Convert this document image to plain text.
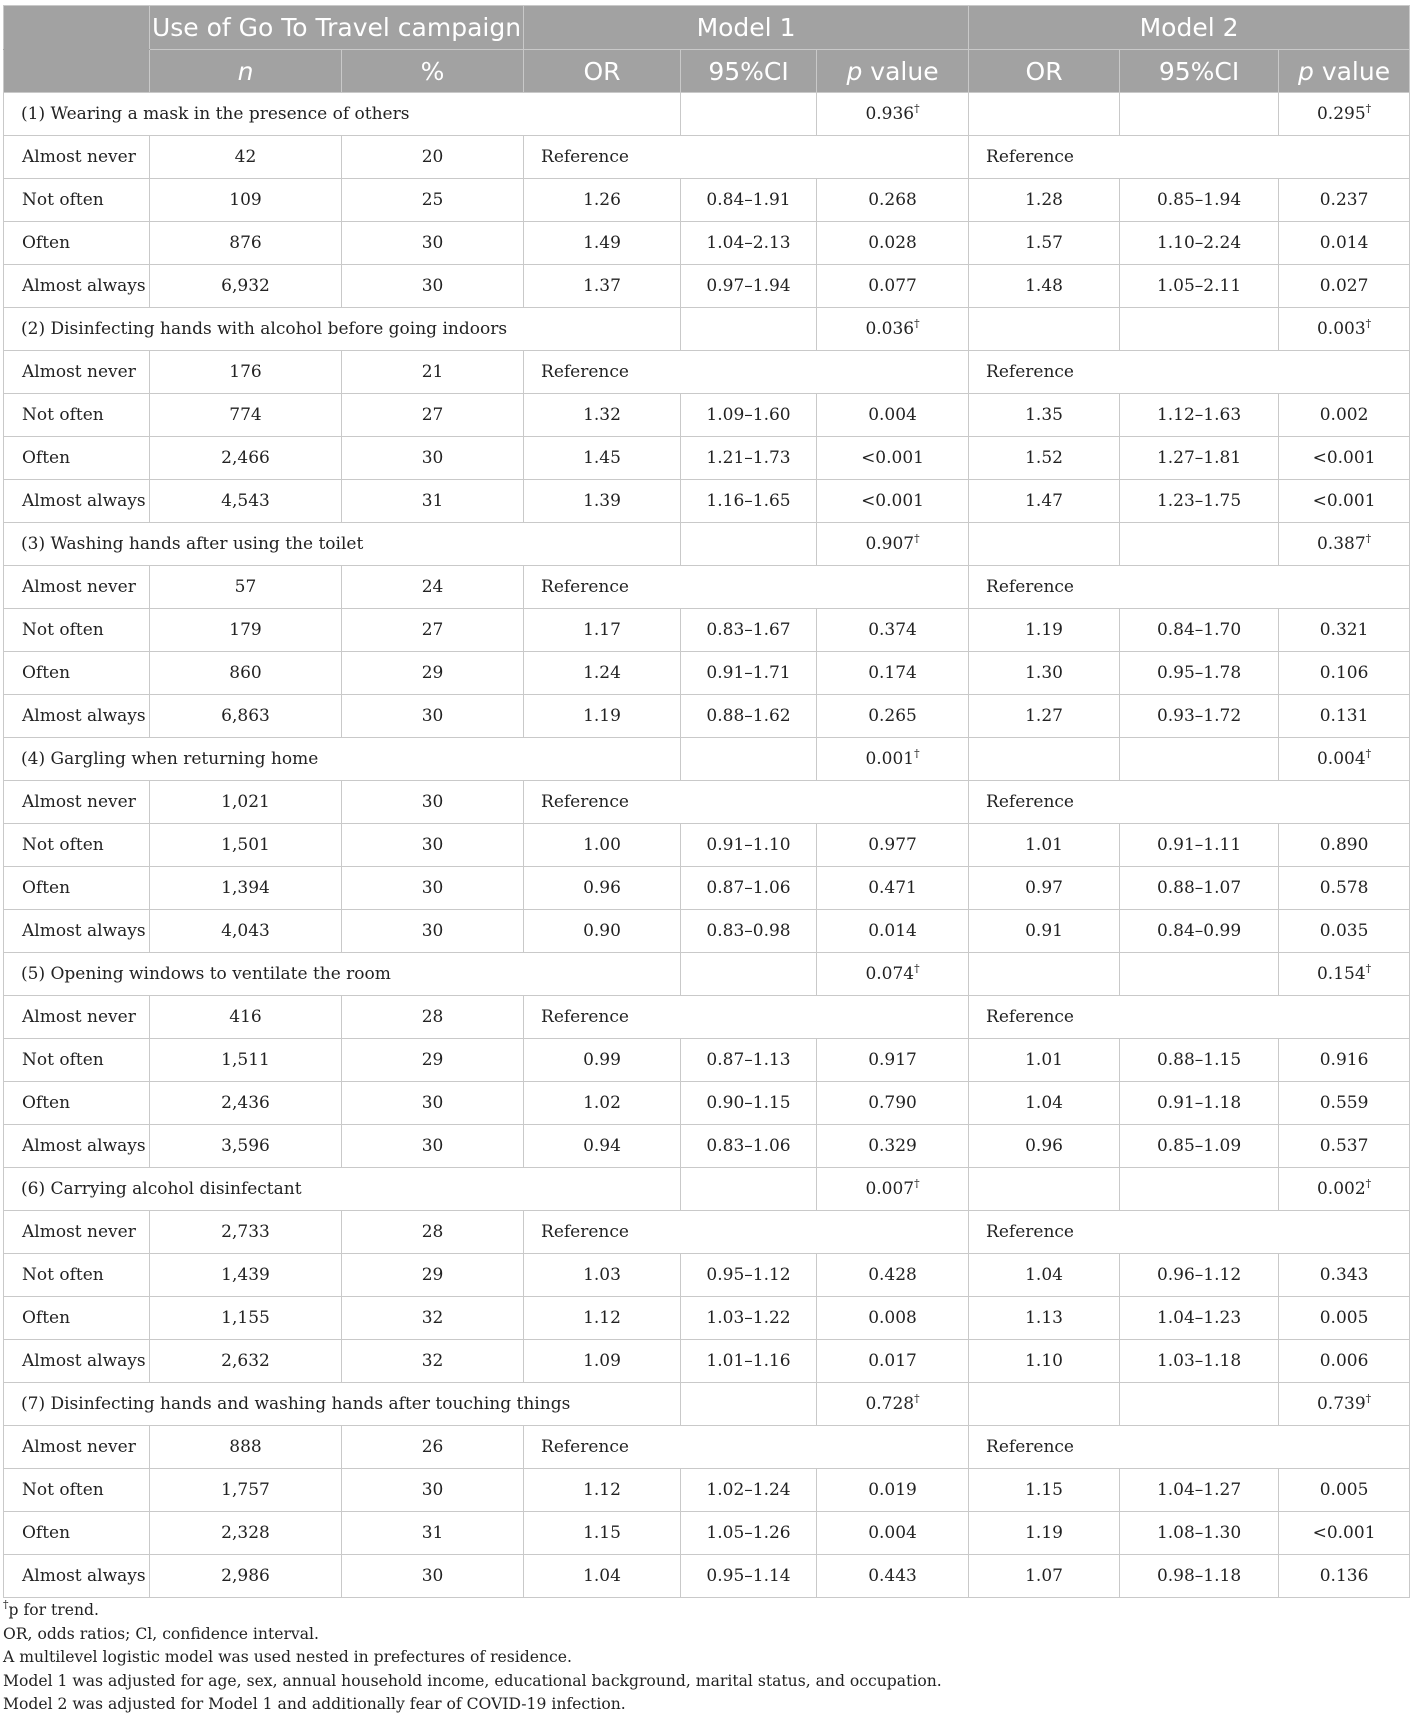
	Use of Go To Travel campaign		Model 1			Model 2		
	n	%	OR	95%CI	p value	OR	95%CI	p value
(1) Wearing a mask in the presence of others					0.936†			0.295†
Almost never	42	20	Reference			Reference		
Not often	109	25	1.26	0.84–1.91	0.268	1.28	0.85–1.94	0.237
Often	876	30	1.49	1.04–2.13	0.028	1.57	1.10–2.24	0.014
Almost always	6,932	30	1.37	0.97–1.94	0.077	1.48	1.05–2.11	0.027
(2) Disinfecting hands with alcohol before going indoors					0.036†			0.003†
Almost never	176	21	Reference			Reference		
Not often	774	27	1.32	1.09–1.60	0.004	1.35	1.12–1.63	0.002
Often	2,466	30	1.45	1.21–1.73	<0.001	1.52	1.27–1.81	<0.001
Almost always	4,543	31	1.39	1.16–1.65	<0.001	1.47	1.23–1.75	<0.001
(3) Washing hands after using the toilet					0.907†			0.387†
Almost never	57	24	Reference			Reference		
Not often	179	27	1.17	0.83–1.67	0.374	1.19	0.84–1.70	0.321
Often	860	29	1.24	0.91–1.71	0.174	1.30	0.95–1.78	0.106
Almost always	6,863	30	1.19	0.88–1.62	0.265	1.27	0.93–1.72	0.131
(4) Gargling when returning home					0.001†			0.004†
Almost never	1,021	30	Reference			Reference		
Not often	1,501	30	1.00	0.91–1.10	0.977	1.01	0.91–1.11	0.890
Often	1,394	30	0.96	0.87–1.06	0.471	0.97	0.88–1.07	0.578
Almost always	4,043	30	0.90	0.83–0.98	0.014	0.91	0.84–0.99	0.035
(5) Opening windows to ventilate the room					0.074†			0.154†
Almost never	416	28	Reference			Reference		
Not often	1,511	29	0.99	0.87–1.13	0.917	1.01	0.88–1.15	0.916
Often	2,436	30	1.02	0.90–1.15	0.790	1.04	0.91–1.18	0.559
Almost always	3,596	30	0.94	0.83–1.06	0.329	0.96	0.85–1.09	0.537
(6) Carrying alcohol disinfectant					0.007†			0.002†
Almost never	2,733	28	Reference			Reference		
Not often	1,439	29	1.03	0.95–1.12	0.428	1.04	0.96–1.12	0.343
Often	1,155	32	1.12	1.03–1.22	0.008	1.13	1.04–1.23	0.005
Almost always	2,632	32	1.09	1.01–1.16	0.017	1.10	1.03–1.18	0.006
(7) Disinfecting hands and washing hands after touching things					0.728†			0.739†
Almost never	888	26	Reference			Reference		
Not often	1,757	30	1.12	1.02–1.24	0.019	1.15	1.04–1.27	0.005
Often	2,328	31	1.15	1.05–1.26	0.004	1.19	1.08–1.30	<0.001
Almost always	2,986	30	1.04	0.95–1.14	0.443	1.07	0.98–1.18	0.136
†p for trend.
OR, odds ratios; Cl, confidence interval.
A multilevel logistic model was used nested in prefectures of residence.
Model 1 was adjusted for age, sex, annual household income, educational background, marital status, and occupation.
Model 2 was adjusted for Model 1 and additionally fear of COVID-19 infection.
